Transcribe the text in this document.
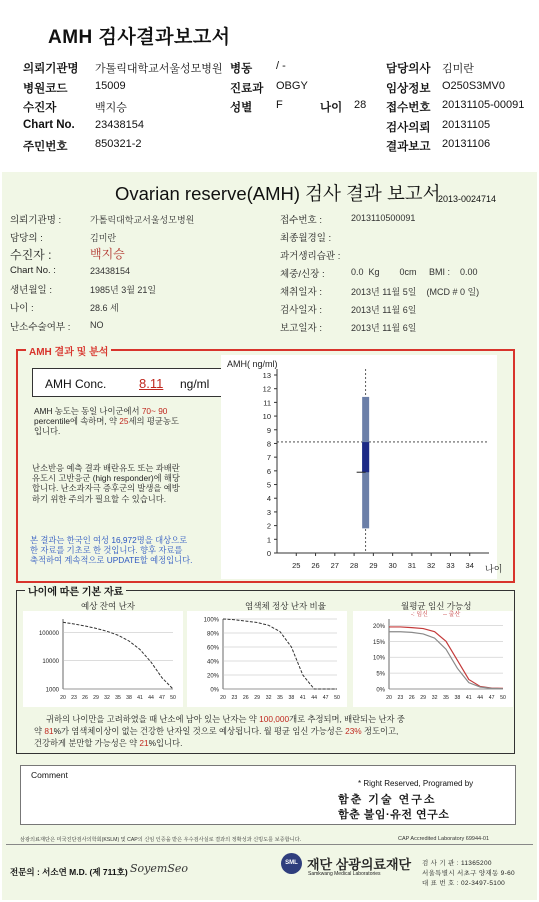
AMH 검사결과보고서
의뢰기관명 가톨릭대학교서울성모병원
병원코드	15009
수진자	백지승
Chart No. 23438154
주민번호	850321-2
병동 / -
진료과 OBGY
성별 F	나이 28
담당의사 김미란
임상정보 O250S3MV0
접수번호 20131105-00091
검사의뢰 20131105
결과보고 20131106
Ovarian reserve(AMH) 검사 결과 보고서
2013-0024714
의뢰기관명 :	가톨릭대학교서울성모병원
담당의 :	김미란
수진자 :	백지승
Chart No. :	23438154
생년월일 :	1985년 3월 21일
나이 :	28.6 세
난소수술여부 : NO
접수번호 :	2013110500091
최종월경일 :
과거생리습관 :
체중/신장 :	0.0  Kg        0cm     BMI :    0.00
채취일자 :	2013년 11월 5일    (MCD # 0 일)
검사일자 :	2013년 11월 6일
보고일자 :	2013년 11월 6일
AMH 결과 및 분석
AMH Conc.	8.11 ng/ml
AMH 농도는 동일 나이군에서 70~ 90
percentile에 속하며, 약 25세의 평균농도
입니다.
난소반응 예측 결과 배란유도 또는 과배란
유도시 고반응군 (high responder)에 해당
합니다. 난소과자극 증후군의 발생을 예방
하기 위한 주의가 필요할 수 있습니다.
본 결과는 한국인 여성 16,972명을 대상으로
한 자료를 기초로 한 것입니다. 향후 자료를
축적하여 계속적으로 UPDATE할 예정입니다.
AMH( ng/ml)
0
1
2
3
4
5
6
7
8
9
10
11
12
13
25 26 27 28 29 30 31 32 33 34 나이
나이에 따른 기본 자료
예상 잔여 난자	염색체 정상 난자 비율	월평균 임신 가능성
100000
10000
1000
20 23 26 29 32 35 38 41 44 47 50
100%
80%
60%
40%
20%
0%
20 23 26 29 32 35 38 41 44 47 50
20%
15%
10%
5%
0%
20 23 26 29 32 35 38 41 44 47 50
-: 임신	-- 출산
귀하의 나이만을 고려하였을 때 난소에 남아 있는 난자는 약 100,000개로 추정되며, 배란되는 난자 중
약 81%가 염색체이상이 없는 건강한 난자일 것으로 예상됩니다. 월 평균 임신 가능성은 23% 정도이고,
건강하게 분만할 가능성은 약 21%입니다.
Comment
* Right Reserved, Programed by
함춘 기술 연구소
함춘 불임·유전 연구소
삼광의료재단은 미국진단검사의학회(KSLM) 및 CAP의 신임 인증을 받은 우수검사실로 결과의 정확성과 신빙도를 보증합니다.	CAP Accredited Laboratory 69944-01
전문의 : 서소연 M.D. (제 711호) SoyemSeo	SML 재단 삼광의료재단
Samkwang Medical Laboratories
검 사 기 관 : 11365200
서울특별시 서초구 양재동 9-60
대 표 번 호 : 02-3497-5100
